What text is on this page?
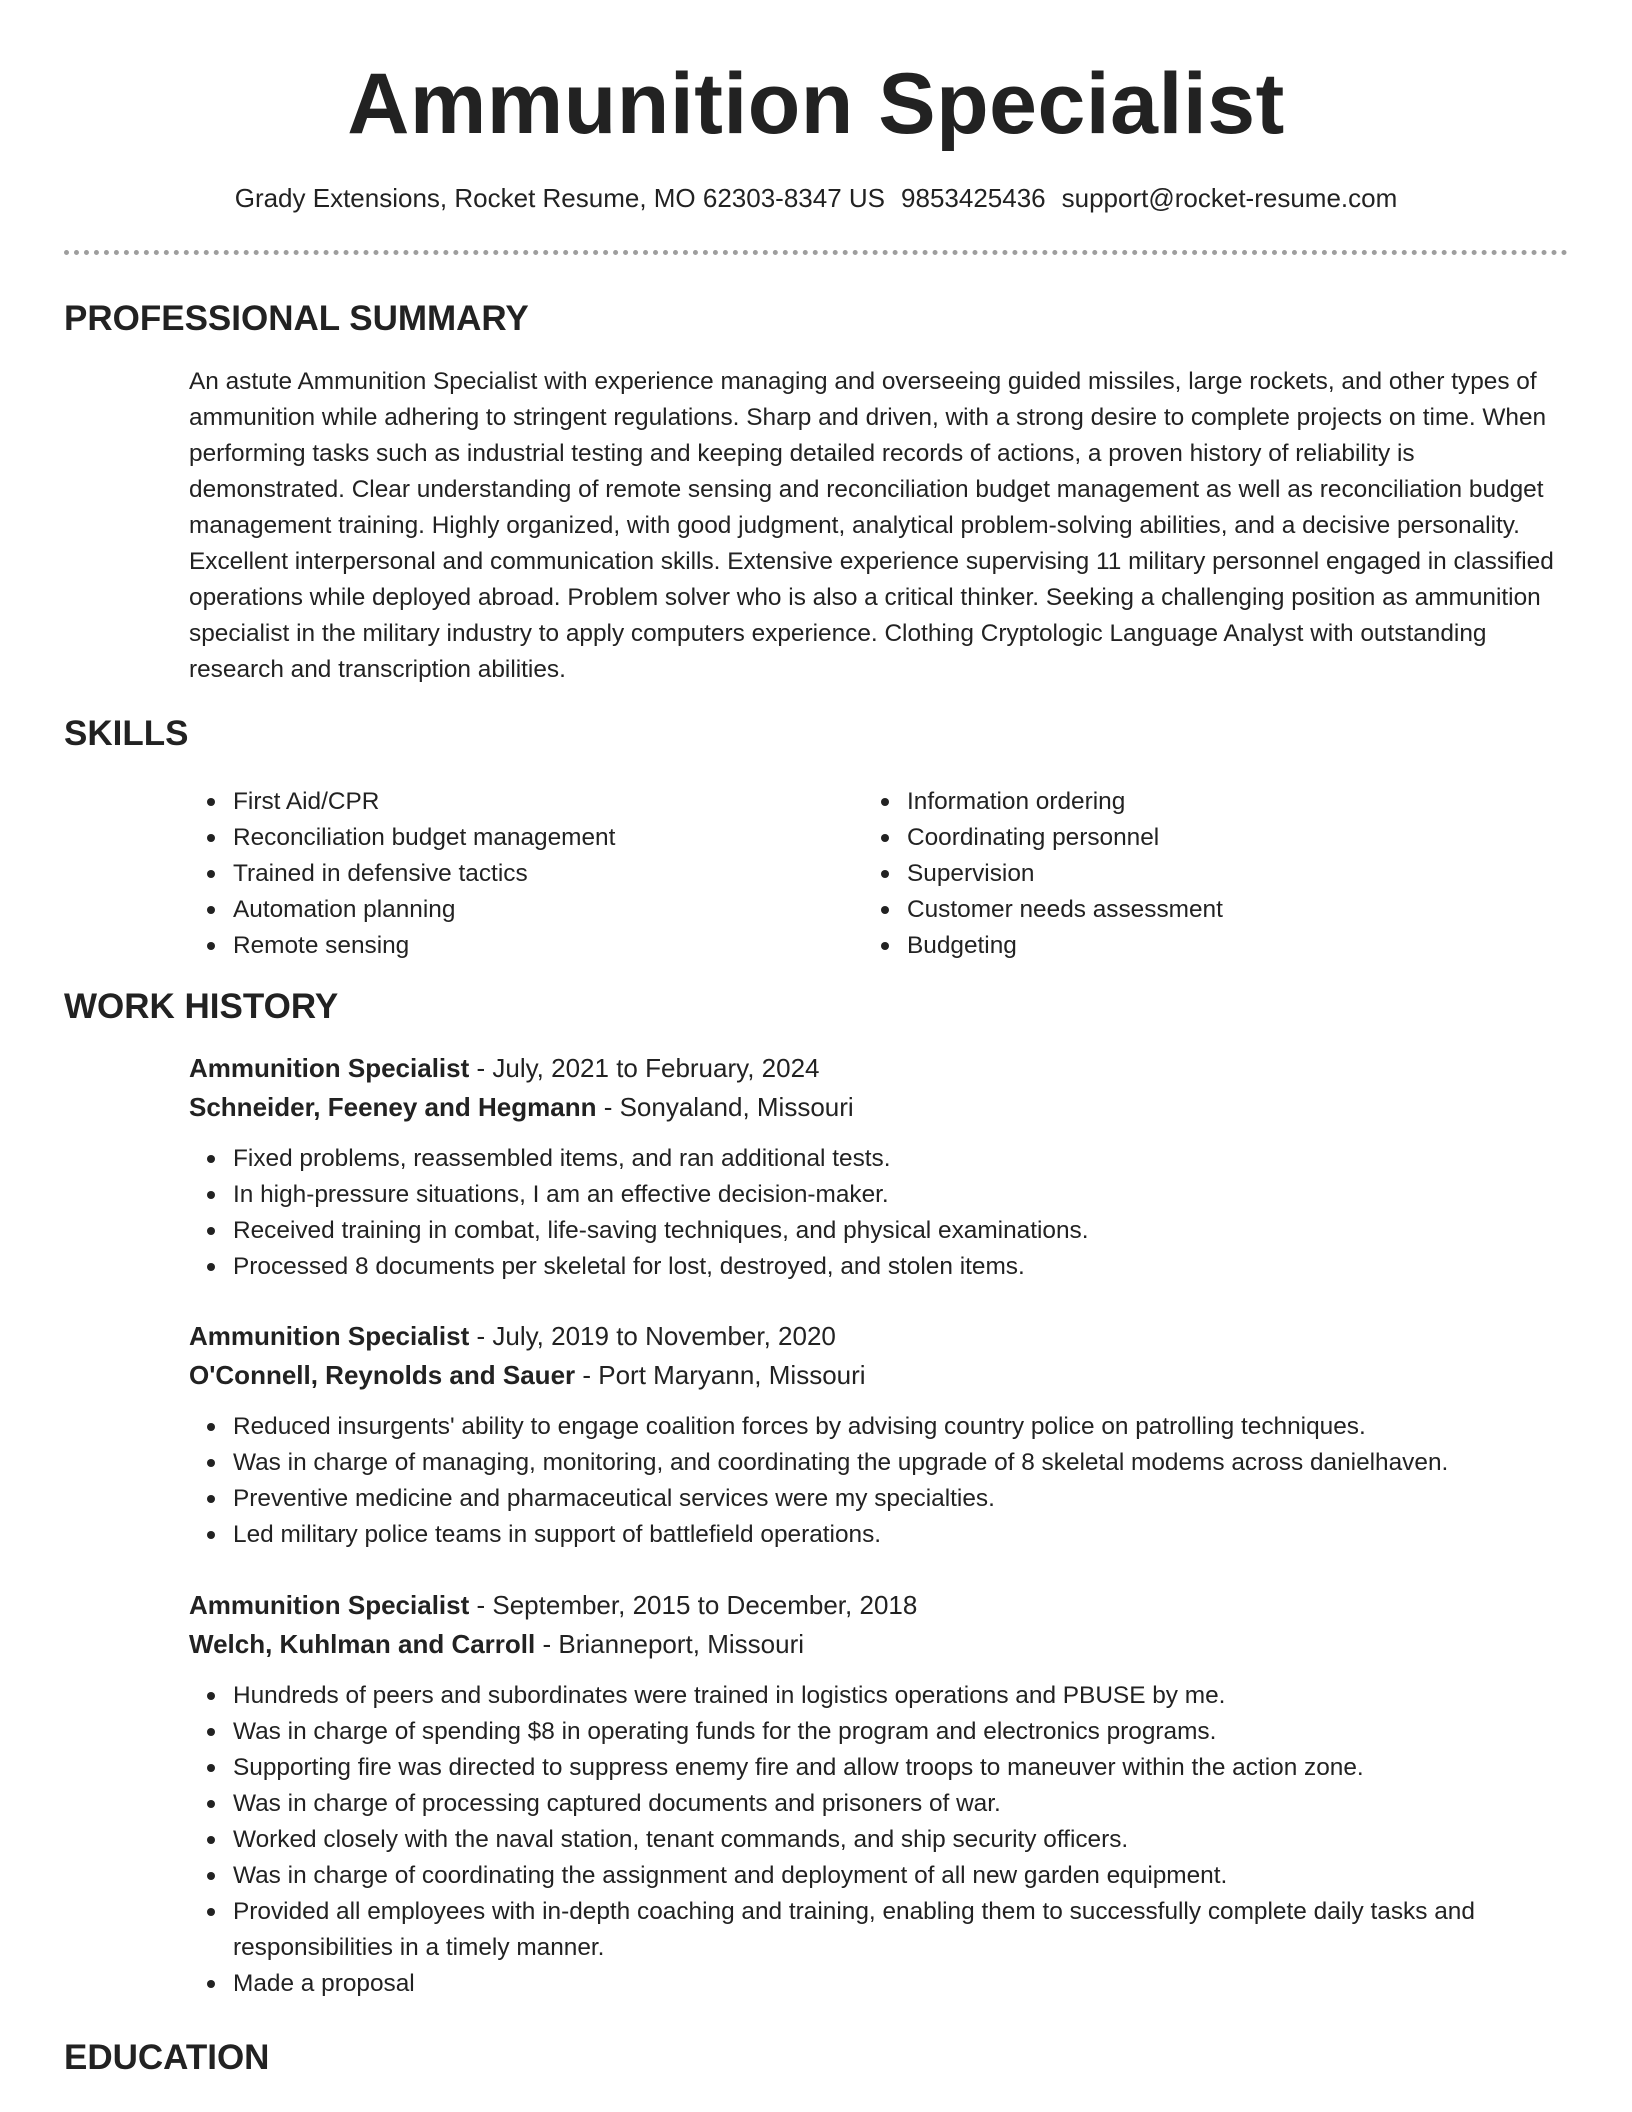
Ammunition Specialist
Grady Extensions, Rocket Resume, MO 62303-8347 US 9853425436 support@rocket-resume.com
PROFESSIONAL SUMMARY

An astute Ammunition Specialist with experience managing and overseeing guided missiles, large rockets, and other types of ammunition while adhering to stringent regulations. Sharp and driven, with a strong desire to complete projects on time. When performing tasks such as industrial testing and keeping detailed records of actions, a proven history of reliability is demonstrated. Clear understanding of remote sensing and reconciliation budget management as well as reconciliation budget management training. Highly organized, with good judgment, analytical problem-solving abilities, and a decisive personality. Excellent interpersonal and communication skills. Extensive experience supervising 11 military personnel engaged in classified operations while deployed abroad. Problem solver who is also a critical thinker. Seeking a challenging position as ammunition specialist in the military industry to apply computers experience. Clothing Cryptologic Language Analyst with outstanding research and transcription abilities.

SKILLS
First Aid/CPR
Reconciliation budget management
Trained in defensive tactics
Automation planning
Remote sensing
Information ordering
Coordinating personnel
Supervision
Customer needs assessment
Budgeting
WORK HISTORY
Ammunition Specialist - July, 2021 to February, 2024
Schneider, Feeney and Hegmann - Sonyaland, Missouri
Fixed problems, reassembled items, and ran additional tests.
In high-pressure situations, I am an effective decision-maker.
Received training in combat, life-saving techniques, and physical examinations.
Processed 8 documents per skeletal for lost, destroyed, and stolen items.
Ammunition Specialist - July, 2019 to November, 2020
O'Connell, Reynolds and Sauer - Port Maryann, Missouri
Reduced insurgents' ability to engage coalition forces by advising country police on patrolling techniques.
Was in charge of managing, monitoring, and coordinating the upgrade of 8 skeletal modems across danielhaven.
Preventive medicine and pharmaceutical services were my specialties.
Led military police teams in support of battlefield operations.
Ammunition Specialist - September, 2015 to December, 2018
Welch, Kuhlman and Carroll - Brianneport, Missouri
Hundreds of peers and subordinates were trained in logistics operations and PBUSE by me.
Was in charge of spending $8 in operating funds for the program and electronics programs.
Supporting fire was directed to suppress enemy fire and allow troops to maneuver within the action zone.
Was in charge of processing captured documents and prisoners of war.
Worked closely with the naval station, tenant commands, and ship security officers.
Was in charge of coordinating the assignment and deployment of all new garden equipment.
Provided all employees with in-depth coaching and training, enabling them to successfully complete daily tasks and responsibilities in a timely manner.
Made a proposal
EDUCATION
